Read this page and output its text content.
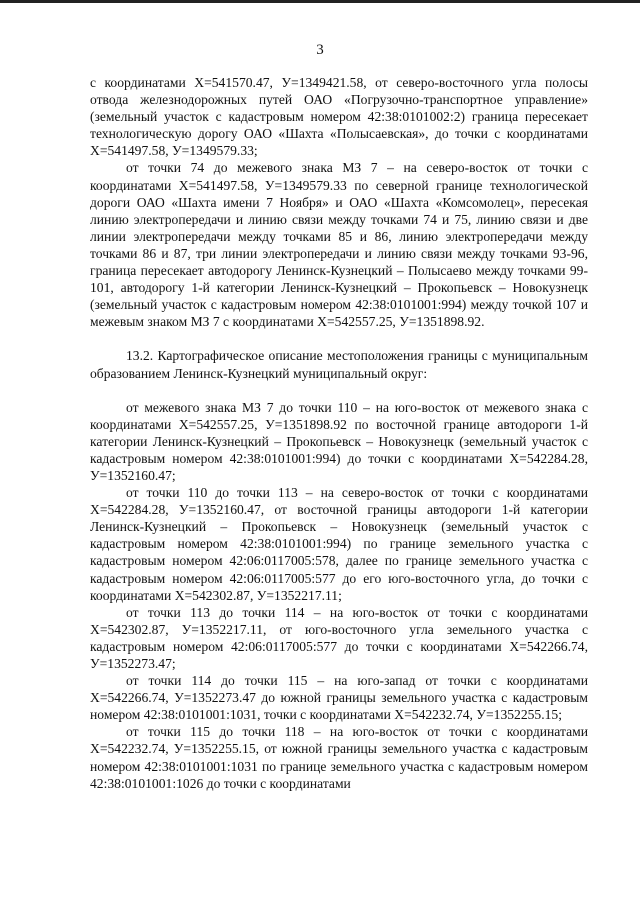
3

с координатами Х=541570.47, У=1349421.58, от северо-восточного угла полосы отвода железнодорожных путей ОАО «Погрузочно-транспортное управление» (земельный участок с кадастровым номером 42:38:0101002:2) граница пересекает технологическую дорогу ОАО «Шахта «Полысаевская», до точки с координатами Х=541497.58, У=1349579.33;

от точки 74 до межевого знака МЗ 7 – на северо-восток от точки с координатами Х=541497.58, У=1349579.33 по северной границе технологической дороги ОАО «Шахта имени 7 Ноября» и ОАО «Шахта «Комсомолец», пересекая линию электропередачи и линию связи между точками 74 и 75, линию связи и две линии электропередачи между точками 85 и 86, линию электропередачи между точками 86 и 87, три линии электропередачи и линию связи между точками 93-96, граница пересекает автодорогу Ленинск-Кузнецкий – Полысаево между точками 99-101, автодорогу 1-й категории Ленинск-Кузнецкий – Прокопьевск – Новокузнецк (земельный участок с кадастровым номером 42:38:0101001:994) между точкой 107 и межевым знаком МЗ 7 с координатами Х=542557.25, У=1351898.92.

13.2. Картографическое описание местоположения границы с муниципальным образованием Ленинск-Кузнецкий муниципальный округ:

от межевого знака МЗ 7 до точки 110 – на юго-восток от межевого знака с координатами Х=542557.25, У=1351898.92 по восточной границе автодороги 1-й категории Ленинск-Кузнецкий – Прокопьевск – Новокузнецк (земельный участок с кадастровым номером 42:38:0101001:994) до точки с координатами Х=542284.28, У=1352160.47;

от точки 110 до точки 113 – на северо-восток от точки с координатами Х=542284.28, У=1352160.47, от восточной границы автодороги 1-й категории Ленинск-Кузнецкий – Прокопьевск – Новокузнецк (земельный участок с кадастровым номером 42:38:0101001:994) по границе земельного участка с кадастровым номером 42:06:0117005:578, далее по границе земельного участка с кадастровым номером 42:06:0117005:577 до его юго-восточного угла, до точки с координатами Х=542302.87, У=1352217.11;

от точки 113 до точки 114 – на юго-восток от точки с координатами Х=542302.87, У=1352217.11, от юго-восточного угла земельного участка с кадастровым номером 42:06:0117005:577 до точки с координатами Х=542266.74, У=1352273.47;

от точки 114 до точки 115 – на юго-запад от точки с координатами Х=542266.74, У=1352273.47 до южной границы земельного участка с кадастровым номером 42:38:0101001:1031, точки с координатами Х=542232.74, У=1352255.15;

от точки 115 до точки 118 – на юго-восток от точки с координатами Х=542232.74, У=1352255.15, от южной границы земельного участка с кадастровым номером 42:38:0101001:1031 по границе земельного участка с кадастровым номером 42:38:0101001:1026 до точки с координатами
